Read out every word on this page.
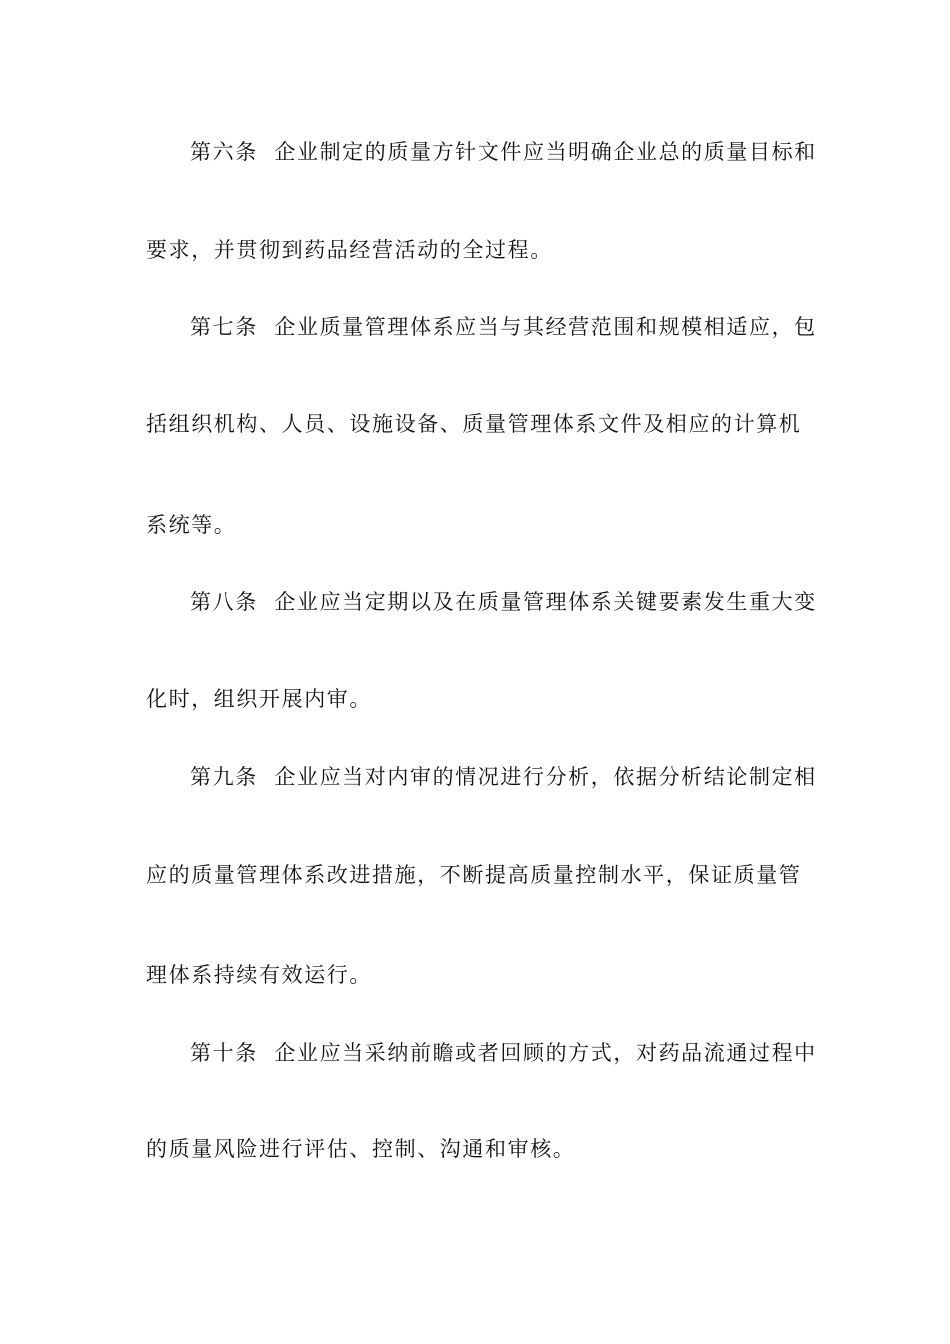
第六条 企业制定的质量方针文件应当明确企业总的质量目标和
要求，并贯彻到药品经营活动的全过程。
第七条 企业质量管理体系应当与其经营范围和规模相适应，包
括组织机构、人员、设施设备、质量管理体系文件及相应的计算机
系统等。
第八条 企业应当定期以及在质量管理体系关键要素发生重大变
化时，组织开展内审。
第九条 企业应当对内审的情况进行分析，依据分析结论制定相
应的质量管理体系改进措施，不断提高质量控制水平，保证质量管
理体系持续有效运行。
第十条 企业应当采纳前瞻或者回顾的方式，对药品流通过程中
的质量风险进行评估、控制、沟通和审核。
